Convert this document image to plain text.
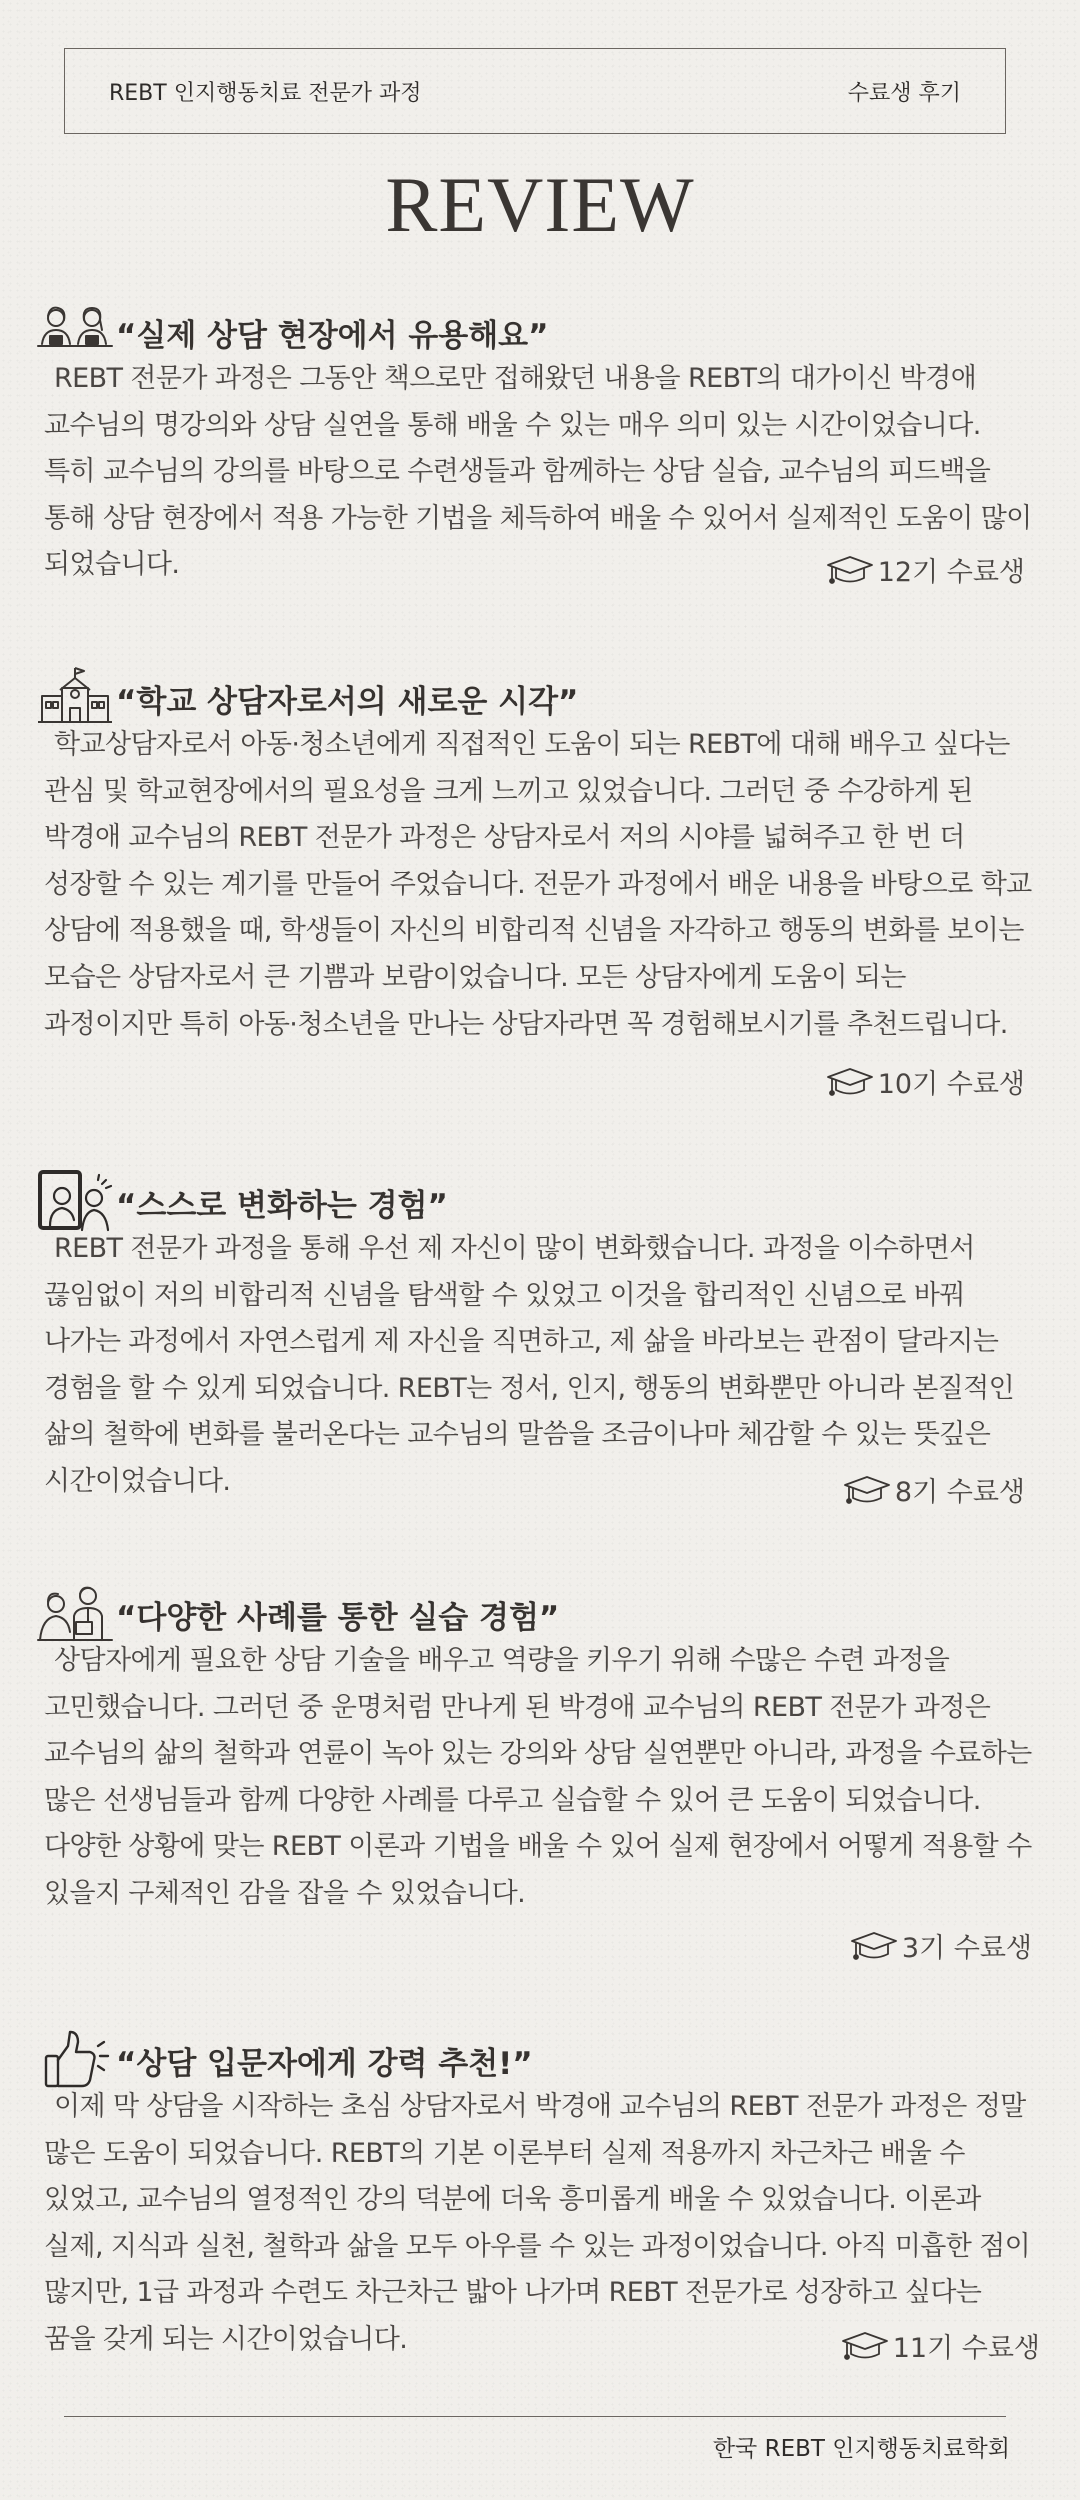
REBT 인지행동치료 전문가 과정	수료생 후기
REVIEW
“실제 상담 현장에서 유용해요”

REBT 전문가 과정은 그동안 책으로만 접해왔던 내용을 REBT의 대가이신 박경애 교수님의 명강의와 상담 실연을 통해 배울 수 있는 매우 의미 있는 시간이었습니다. 특히 교수님의 강의를 바탕으로 수련생들과 함께하는 상담 실습, 교수님의 피드백을 통해 상담 현장에서 적용 가능한 기법을 체득하여 배울 수 있어서 실제적인 도움이 많이 되었습니다.	12기 수료생
“학교 상담자로서의 새로운 시각”

학교상담자로서 아동·청소년에게 직접적인 도움이 되는 REBT에 대해 배우고 싶다는 관심 및 학교현장에서의 필요성을 크게 느끼고 있었습니다. 그러던 중 수강하게 된 박경애 교수님의 REBT 전문가 과정은 상담자로서 저의 시야를 넓혀주고 한 번 더 성장할 수 있는 계기를 만들어 주었습니다. 전문가 과정에서 배운 내용을 바탕으로 학교 상담에 적용했을 때, 학생들이 자신의 비합리적 신념을 자각하고 행동의 변화를 보이는 모습은 상담자로서 큰 기쁨과 보람이었습니다. 모든 상담자에게 도움이 되는 과정이지만 특히 아동·청소년을 만나는 상담자라면 꼭 경험해보시기를 추천드립니다.

10기 수료생
“스스로 변화하는 경험”

REBT 전문가 과정을 통해 우선 제 자신이 많이 변화했습니다. 과정을 이수하면서 끊임없이 저의 비합리적 신념을 탐색할 수 있었고 이것을 합리적인 신념으로 바꿔 나가는 과정에서 자연스럽게 제 자신을 직면하고, 제 삶을 바라보는 관점이 달라지는 경험을 할 수 있게 되었습니다. REBT는 정서, 인지, 행동의 변화뿐만 아니라 본질적인 삶의 철학에 변화를 불러온다는 교수님의 말씀을 조금이나마 체감할 수 있는 뜻깊은 시간이었습니다.	8기 수료생
“다양한 사례를 통한 실습 경험”

상담자에게 필요한 상담 기술을 배우고 역량을 키우기 위해 수많은 수련 과정을 고민했습니다. 그러던 중 운명처럼 만나게 된 박경애 교수님의 REBT 전문가 과정은 교수님의 삶의 철학과 연륜이 녹아 있는 강의와 상담 실연뿐만 아니라, 과정을 수료하는 많은 선생님들과 함께 다양한 사례를 다루고 실습할 수 있어 큰 도움이 되었습니다. 다양한 상황에 맞는 REBT 이론과 기법을 배울 수 있어 실제 현장에서 어떻게 적용할 수 있을지 구체적인 감을 잡을 수 있었습니다.

3기 수료생
“상담 입문자에게 강력 추천!”

이제 막 상담을 시작하는 초심 상담자로서 박경애 교수님의 REBT 전문가 과정은 정말 많은 도움이 되었습니다. REBT의 기본 이론부터 실제 적용까지 차근차근 배울 수 있었고, 교수님의 열정적인 강의 덕분에 더욱 흥미롭게 배울 수 있었습니다. 이론과 실제, 지식과 실천, 철학과 삶을 모두 아우를 수 있는 과정이었습니다. 아직 미흡한 점이 많지만, 1급 과정과 수련도 차근차근 밟아 나가며 REBT 전문가로 성장하고 싶다는 꿈을 갖게 되는 시간이었습니다.	11기 수료생
한국 REBT 인지행동치료학회
